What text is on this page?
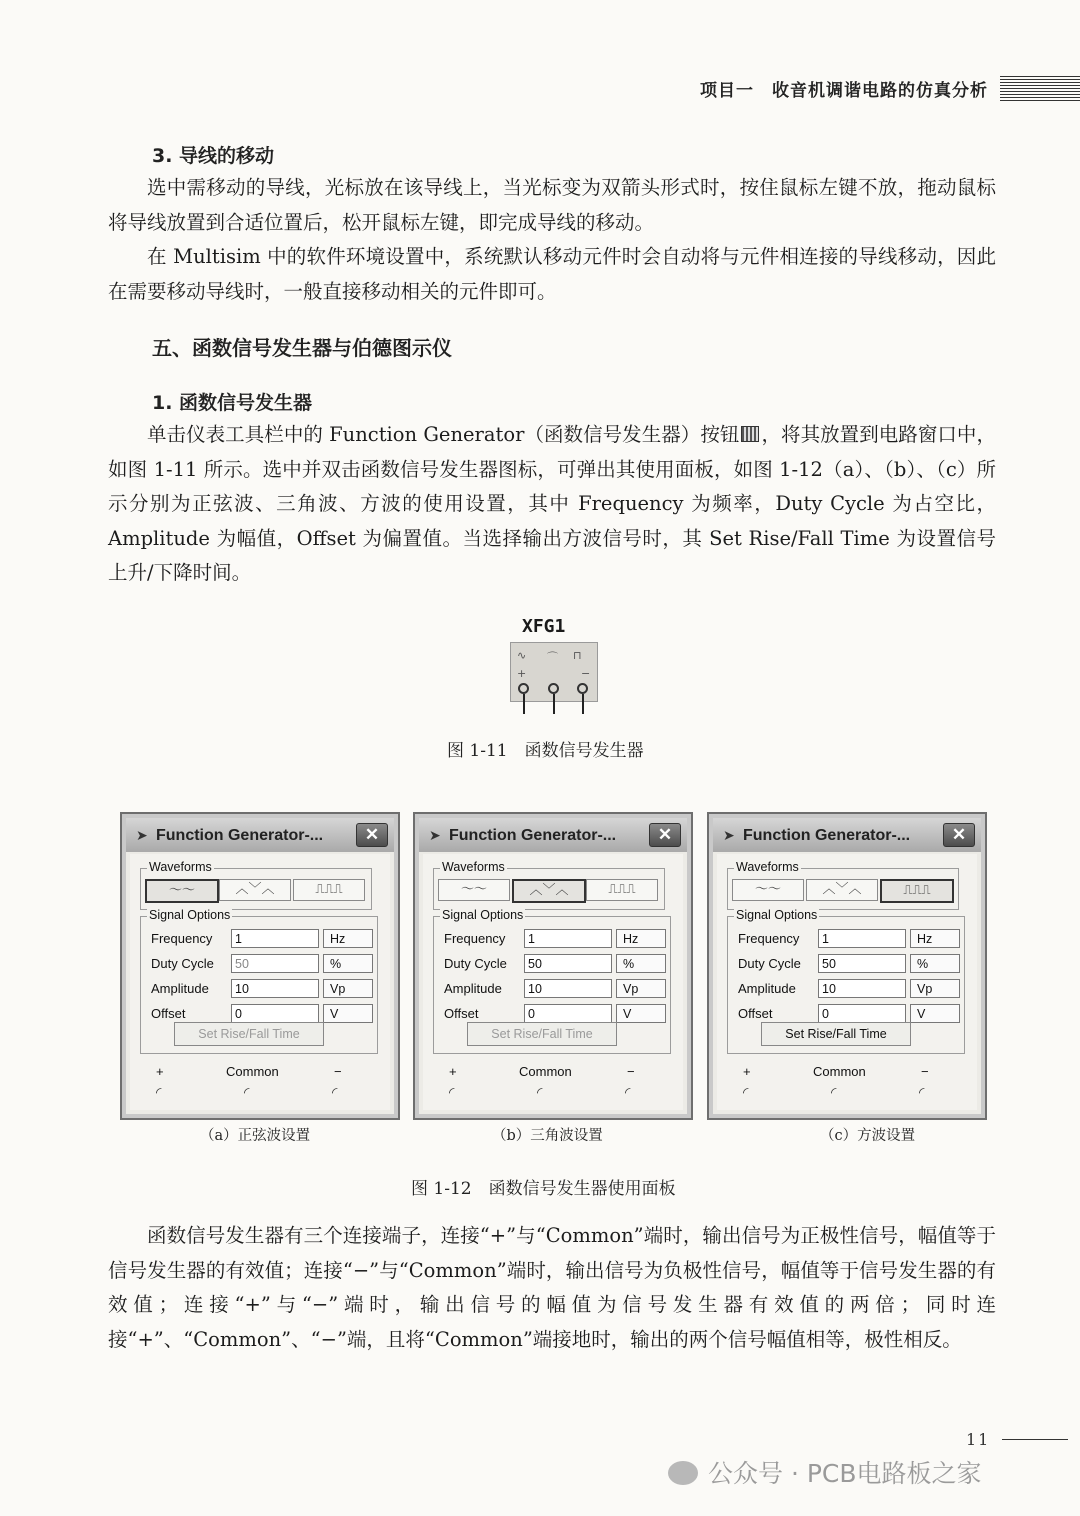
项目一　收音机调谐电路的仿真分析
3. 导线的移动

选中需移动的导线，光标放在该导线上，当光标变为双箭头形式时，按住鼠标左键不放，拖动鼠标将导线放置到合适位置后，松开鼠标左键，即完成导线的移动。

在 Multisim 中的软件环境设置中，系统默认移动元件时会自动将与元件相连接的导线移动，因此在需要移动导线时，一般直接移动相关的元件即可。

五、函数信号发生器与伯德图示仪
1. 函数信号发生器

单击仪表工具栏中的 Function Generator（函数信号发生器）按钮 ，将其放置到电路窗口中，如图 1-11 所示。选中并双击函数信号发生器图标，可弹出其使用面板，如图 1-12（a）、（b）、（c）所示分别为正弦波、三角波、方波的使用设置，其中 Frequency 为频率，Duty Cycle 为占空比，Amplitude 为幅值，Offset 为偏置值。当选择输出方波信号时，其 Set Rise/Fall Time 为设置信号上升/下降时间。

XFG1
∿ ⌒ ⊓
+	−
图 1-11　函数信号发生器
➤ Function Generator-...	✕
Waveforms
〜〜	︿﹀︿	⎍⎍⎍
Signal Options
Frequency	1	Hz
Duty Cycle	50	%
Amplitude	10	Vp
Offset	0	V
Set Rise/Fall Time
+	Common	−
◜	◜	◜
（a）正弦波设置
➤ Function Generator-...	✕
Waveforms
〜〜	︿﹀︿	⎍⎍⎍
Signal Options
Frequency	1	Hz
Duty Cycle	50	%
Amplitude	10	Vp
Offset	0	V
Set Rise/Fall Time
+	Common	−
◜	◜	◜
（b）三角波设置
➤ Function Generator-...	✕
Waveforms
〜〜	︿﹀︿	⎍⎍⎍
Signal Options
Frequency	1	Hz
Duty Cycle	50	%
Amplitude	10	Vp
Offset	0	V
Set Rise/Fall Time
+	Common	−
◜	◜	◜
（c）方波设置
图 1-12　函数信号发生器使用面板

函数信号发生器有三个连接端子，连接“+”与“Common”端时，输出信号为正极性信号，幅值等于信号发生器的有效值；连接“−”与“Common”端时，输出信号为负极性信号，幅值等于信号发生器的有效值；连接“+”与“−”端时，输出信号的幅值为信号发生器有效值的两倍；同时连接“+”、“Common”、“−”端，且将“Common”端接地时，输出的两个信号幅值相等，极性相反。

11
公众号 · PCB电路板之家
